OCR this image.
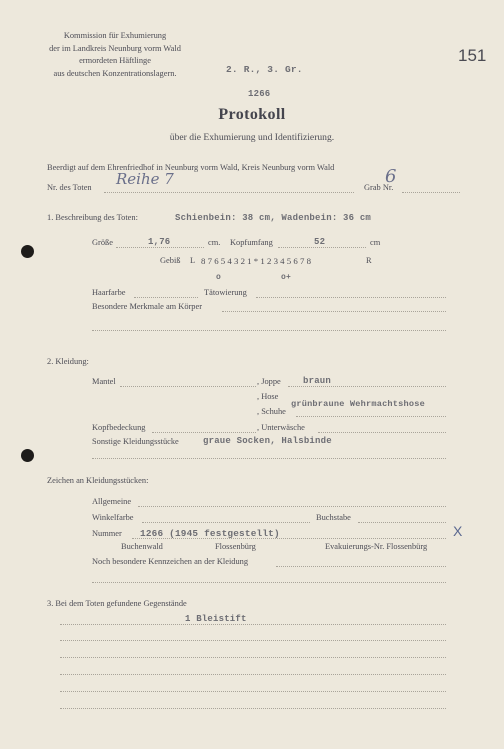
Kommission für Exhumierung
der im Landkreis Neunburg vorm Wald
ermordeten Häftlinge
aus deutschen Konzentrationslagern.	2. R., 3. Gr.
151
1266
Protokoll
über die Exhumierung und Identifizierung.
Beerdigt auf dem Ehrenfriedhof in Neunburg vorm Wald, Kreis Neunburg vorm Wald
Nr. des Toten Reihe 7	Grab Nr.
6
1. Beschreibung des Toten:	Schienbein: 38 cm, Wadenbein: 36 cm
Größe	1,76	cm. Kopfumfang	52	cm
Gebiß L 8 7 6 5 4 3 2 1 * 1 2 3 4 5 6 7 8	R
o            o+
Haarfarbe	Tätowierung
Besondere Merkmale am Körper
2. Kleidung:
Mantel	, Joppe braun
, Hose
grünbraune Wehrmachtshose
, Schuhe
Kopfbedeckung	, Unterwäsche
Sonstige Kleidungsstücke	graue Socken, Halsbinde
Zeichen an Kleidungsstücken:
Allgemeine
Winkelfarbe	Buchstabe
Nummer 1266 (1945 festgestellt)	X
Buchenwald	Flossenbürg	Evakuierungs-Nr. Flossenbürg
Noch besondere Kennzeichen an der Kleidung
3. Bei dem Toten gefundene Gegenstände
1 Bleistift
